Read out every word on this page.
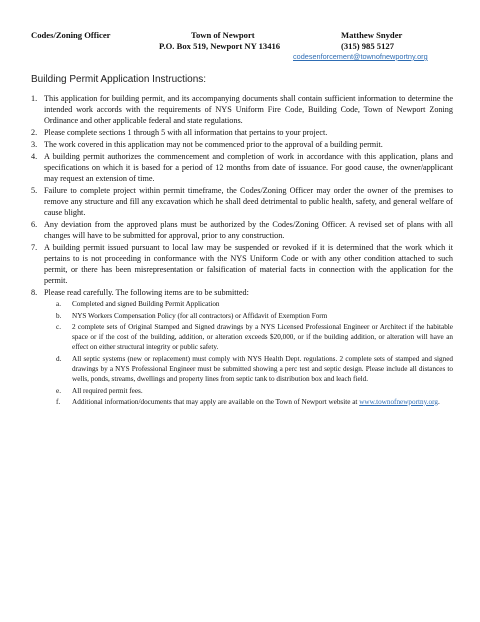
Codes/Zoning Officer	Town of Newport	Matthew Snyder
P.O. Box 519, Newport NY 13416	(315) 985 5127
codesenforcement@townofnewportny.org
Building Permit Application Instructions:
1. This application for building permit, and its accompanying documents shall contain sufficient information to determine the intended work accords with the requirements of NYS Uniform Fire Code, Building Code, Town of Newport Zoning Ordinance and other applicable federal and state regulations.
2. Please complete sections 1 through 5 with all information that pertains to your project.
3. The work covered in this application may not be commenced prior to the approval of a building permit.
4. A building permit authorizes the commencement and completion of work in accordance with this application, plans and specifications on which it is based for a period of 12 months from date of issuance. For good cause, the owner/applicant may request an extension of time.
5. Failure to complete project within permit timeframe, the Codes/Zoning Officer may order the owner of the premises to remove any structure and fill any excavation which he shall deed detrimental to public health, safety, and general welfare of cause blight.
6. Any deviation from the approved plans must be authorized by the Codes/Zoning Officer. A revised set of plans with all changes will have to be submitted for approval, prior to any construction.
7. A building permit issued pursuant to local law may be suspended or revoked if it is determined that the work which it pertains to is not proceeding in conformance with the NYS Uniform Code or with any other condition attached to such permit, or there has been misrepresentation or falsification of material facts in connection with the application for the permit.
8. Please read carefully. The following items are to be submitted:
a. Completed and signed Building Permit Application
b. NYS Workers Compensation Policy (for all contractors) or Affidavit of Exemption Form
c. 2 complete sets of Original Stamped and Signed drawings by a NYS Licensed Professional Engineer or Architect if the habitable space or if the cost of the building, addition, or alteration exceeds $20,000, or if the building addition, or alteration will have an effect on either structural integrity or public safety.
d. All septic systems (new or replacement) must comply with NYS Health Dept. regulations. 2 complete sets of stamped and signed drawings by a NYS Professional Engineer must be submitted showing a perc test and septic design. Please include all distances to wells, ponds, streams, dwellings and property lines from septic tank to distribution box and leach field.
e. All required permit fees.
f. Additional information/documents that may apply are available on the Town of Newport website at www.townofnewportny.org.
